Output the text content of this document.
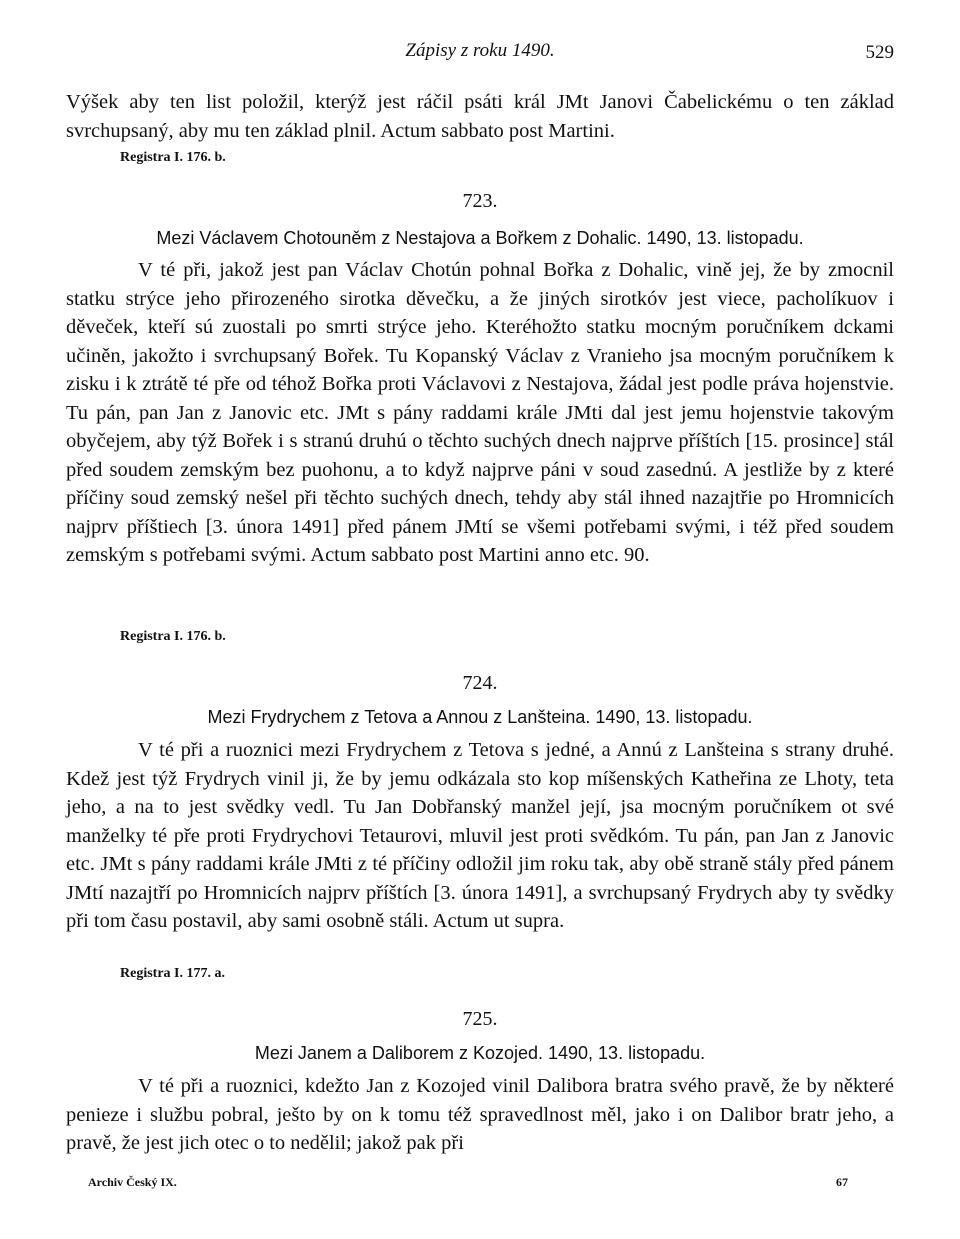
Zápisy z roku 1490.	529
Výšek aby ten list položil, kterýž jest ráčil psáti král JMt Janovi Čabelickému o ten základ svrchupsaný, aby mu ten základ plnil. Actum sabbato post Martini.
Registra I. 176. b.
723.
Mezi Václavem Chotouněm z Nestajova a Bořkem z Dohalic. 1490, 13. listopadu.
V té při, jakož jest pan Václav Chotún pohnal Bořka z Dohalic, vině jej, že by zmocnil statku strýce jeho přirozeného sirotka děvečku, a že jiných sirotkóv jest viece, pacholíkuov i děveček, kteří sú zuostali po smrti strýce jeho. Kteréhožto statku mocným poručníkem dckami učiněn, jakožto i svrchupsaný Bořek. Tu Kopanský Václav z Vranieho jsa mocným poručníkem k zisku i k ztrátě té pře od téhož Bořka proti Václavovi z Nestajova, žádal jest podle práva hojenstvie. Tu pán, pan Jan z Janovic etc. JMt s pány raddami krále JMti dal jest jemu hojenstvie takovým obyčejem, aby týž Bořek i s stranú druhú o těchto suchých dnech najprve příštích [15. prosince] stál před soudem zemským bez puohonu, a to když najprve páni v soud zasednú. A jestliže by z které příčiny soud zemský nešel při těchto suchých dnech, tehdy aby stál ihned nazajtřie po Hromnicích najprv příštiech [3. února 1491] před pánem JMtí se všemi potřebami svými, i též před soudem zemským s potřebami svými. Actum sabbato post Martini anno etc. 90.
Registra I. 176. b.
724.
Mezi Frydrychem z Tetova a Annou z Lanšteina. 1490, 13. listopadu.
V té při a ruoznici mezi Frydrychem z Tetova s jedné, a Annú z Lanšteina s strany druhé. Kdež jest týž Frydrych vinil ji, že by jemu odkázala sto kop míšenských Katheřina ze Lhoty, teta jeho, a na to jest svědky vedl. Tu Jan Dobřanský manžel její, jsa mocným poručníkem ot své manželky té pře proti Frydrychovi Tetaurovi, mluvil jest proti svědkóm. Tu pán, pan Jan z Janovic etc. JMt s pány raddami krále JMti z té příčiny odložil jim roku tak, aby obě straně stály před pánem JMtí nazajtří po Hromnicích najprv příštích [3. února 1491], a svrchupsaný Frydrych aby ty svědky při tom času postavil, aby sami osobně stáli. Actum ut supra.
Registra I. 177. a.
725.
Mezi Janem a Daliborem z Kozojed. 1490, 13. listopadu.
V té při a ruoznici, kdežto Jan z Kozojed vinil Dalibora bratra svého pravě, že by některé penieze i službu pobral, ješto by on k tomu též spravedlnost měl, jako i on Dalibor bratr jeho, a pravě, že jest jich otec o to nedělil; jakož pak při
Archiv Český IX.	67
